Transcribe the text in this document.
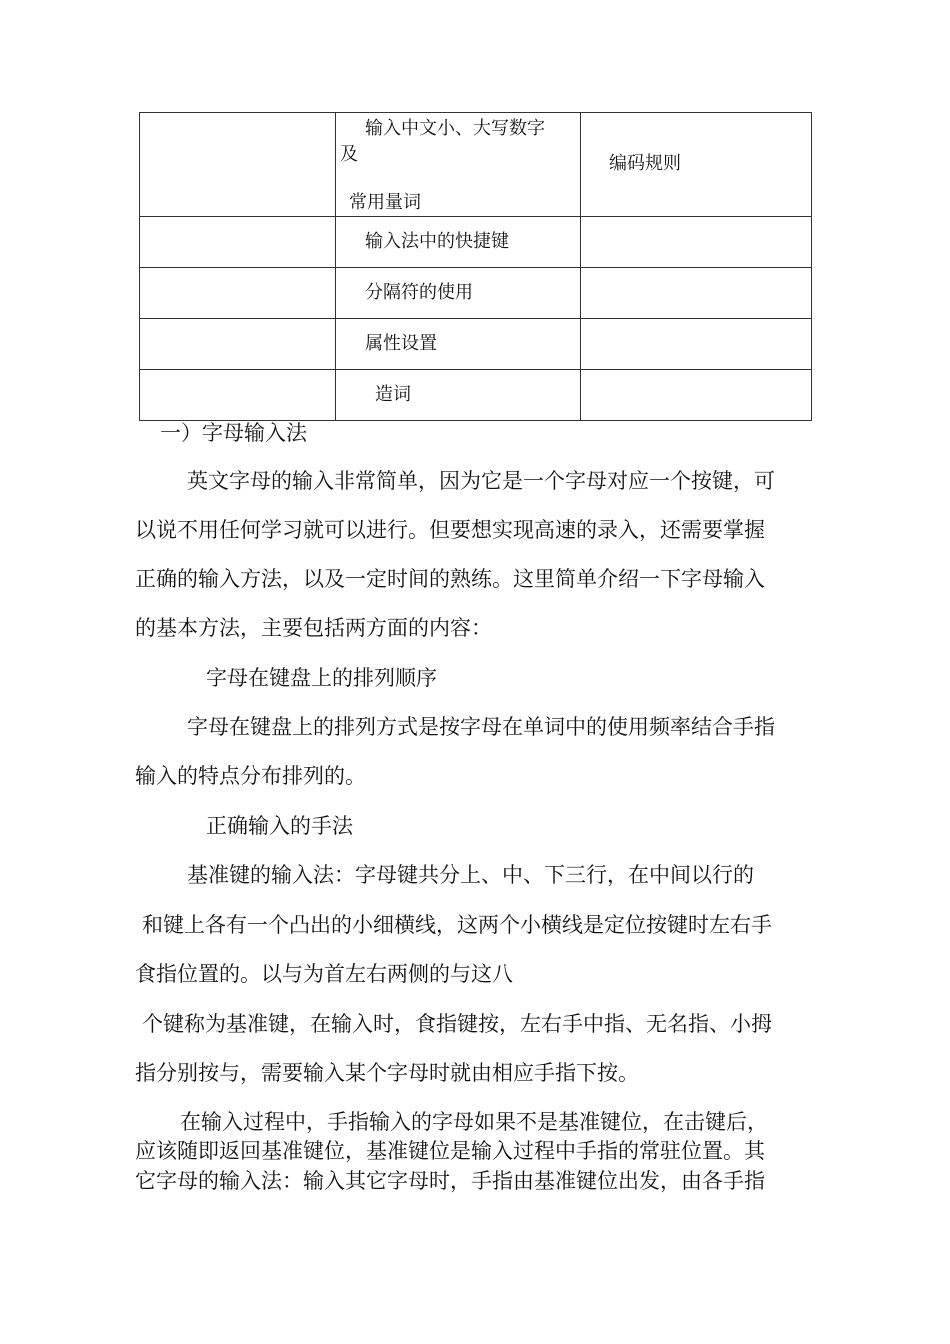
	输入中文小、大写数字
及
常用量词	编码规则

	输入法中的快捷键	

	分隔符的使用	

	属性设置	

	造词	

一）字母输入法
英文字母的输入非常简单，因为它是一个字母对应一个按键，可
以说不用任何学习就可以进行。但要想实现高速的录入，还需要掌握
正确的输入方法，以及一定时间的熟练。这里简单介绍一下字母输入
的基本方法，主要包括两方面的内容：
字母在键盘上的排列顺序
字母在键盘上的排列方式是按字母在单词中的使用频率结合手指
输入的特点分布排列的。
正确输入的手法
基准键的输入法：字母键共分上、中、下三行，在中间以行的
和键上各有一个凸出的小细横线，这两个小横线是定位按键时左右手
食指位置的。以与为首左右两侧的与这八
个键称为基准键，在输入时，食指键按，左右手中指、无名指、小拇
指分别按与，需要输入某个字母时就由相应手指下按。
在输入过程中，手指输入的字母如果不是基准键位，在击键后，
应该随即返回基准键位，基准键位是输入过程中手指的常驻位置。其
它字母的输入法：输入其它字母时，手指由基准键位出发，由各手指
